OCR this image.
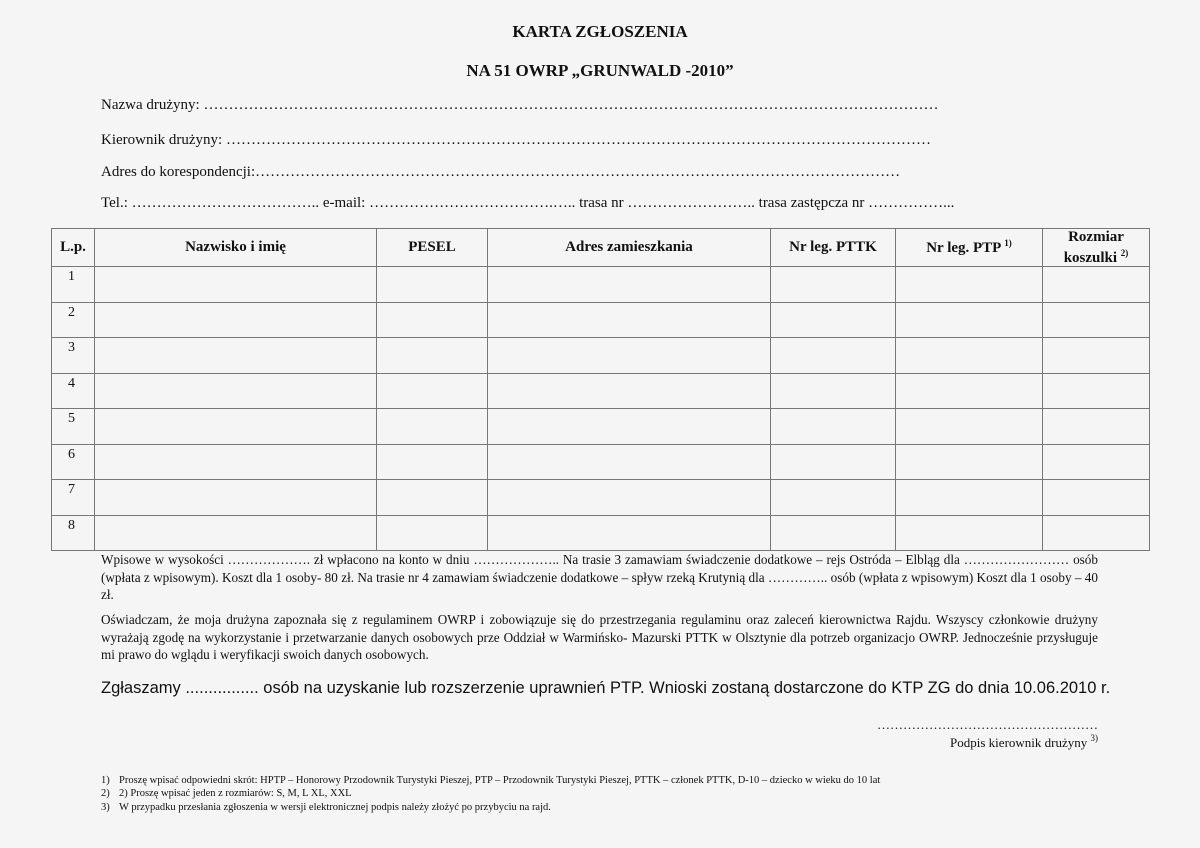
KARTA ZGŁOSZENIA
NA 51 OWRP „GRUNWALD -2010”
Nazwa drużyny: …………………………………………………………………………………………………………………………………
Kierownik drużyny: ……………………………………………………………………………………………………………………………
Adres do korespondencji:…………………………………………………………………………………………………………………
Tel.: ……………………………….. e-mail: ……………………………….….. trasa nr …………………….. trasa zastępcza nr ……………...
L.p.	Nazwisko i imię	PESEL	Adres zamieszkania	Nr leg. PTTK	Nr leg. PTP $^{1)}$	Rozmiar
koszulki $^{2)}$
1						
2						
3						
4						
5						
6						
7						
8						
Wpisowe w wysokości ………………. zł wpłacono na konto w dniu ……………….. Na trasie 3 zamawiam świadczenie dodatkowe – rejs Ostróda – Elbląg dla …………………… osób (wpłata z wpisowym). Koszt dla 1 osoby- 80 zł. Na trasie nr 4 zamawiam świadczenie dodatkowe – spływ rzeką Krutynią dla ………….. osób (wpłata z wpisowym) Koszt dla 1 osoby – 40 zł.
Oświadczam, że moja drużyna zapoznała się z regulaminem OWRP i zobowiązuje się do przestrzegania regulaminu oraz zaleceń kierownictwa Rajdu. Wszyscy członkowie drużyny wyrażają zgodę na wykorzystanie i przetwarzanie danych osobowych prze Oddział w Warmińsko- Mazurski PTTK w Olsztynie dla potrzeb organizacjo OWRP. Jednocześnie przysługuje mi prawo do wglądu i weryfikacji swoich danych osobowych.
Zgłaszamy ................ osób na uzyskanie lub rozszerzenie uprawnień PTP. Wnioski zostaną dostarczone do KTP ZG do dnia 10.06.2010 r.
……………………………………………
Podpis kierownik drużyny $^{3)}$
1) Proszę wpisać odpowiedni skrót: HPTP – Honorowy Przodownik Turystyki Pieszej, PTP – Przodownik Turystyki Pieszej, PTTK – członek PTTK, D-10 – dziecko w wieku do 10 lat
2) 2) Proszę wpisać jeden z rozmiarów: S, M, L XL, XXL
3) W przypadku przesłania zgłoszenia w wersji elektronicznej podpis należy złożyć po przybyciu na rajd.
